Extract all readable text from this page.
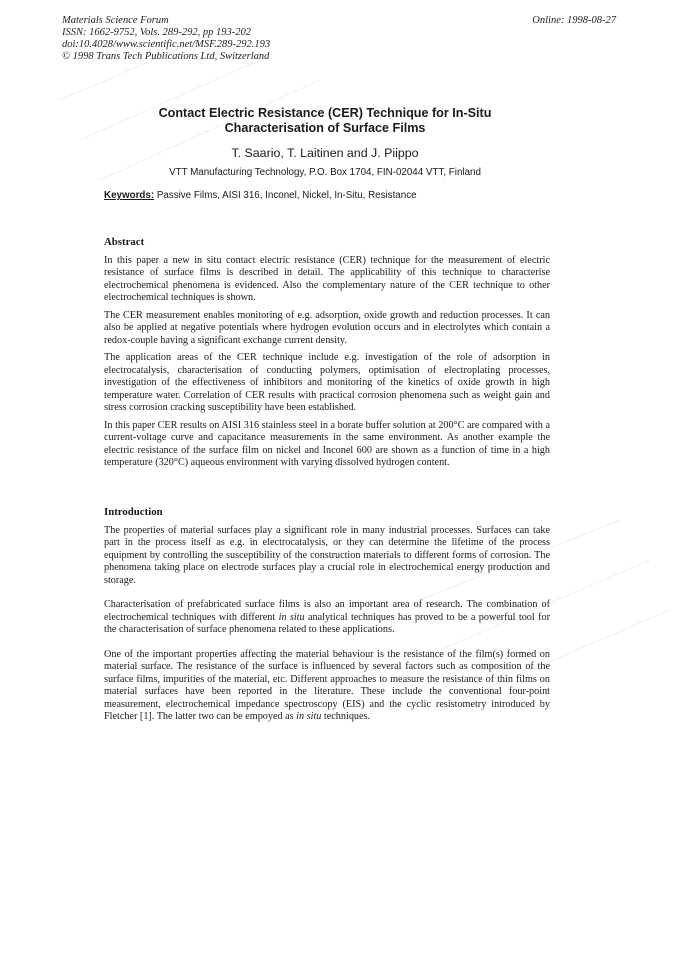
Materials Science Forum
ISSN: 1662-9752, Vols. 289-292, pp 193-202
doi:10.4028/www.scientific.net/MSF.289-292.193
© 1998 Trans Tech Publications Ltd, Switzerland
Online: 1998-08-27
Contact Electric Resistance (CER) Technique for In-Situ
Characterisation of Surface Films
T. Saario, T. Laitinen and J. Piippo
VTT Manufacturing Technology, P.O. Box 1704, FIN-02044 VTT, Finland
Keywords: Passive Films, AISI 316, Inconel, Nickel, In-Situ, Resistance
Abstract

In this paper a new in situ contact electric resistance (CER) technique for the measurement of electric resistance of surface films is described in detail. The applicability of this technique to characterise electrochemical phenomena is evidenced. Also the complementary nature of the CER technique to other electrochemical techniques is shown.

The CER measurement enables monitoring of e.g. adsorption, oxide growth and reduction processes. It can also be applied at negative potentials where hydrogen evolution occurs and in electrolytes which contain a redox-couple having a significant exchange current density.

The application areas of the CER technique include e.g. investigation of the role of adsorption in electrocatalysis, characterisation of conducting polymers, optimisation of electroplating processes, investigation of the effectiveness of inhibitors and monitoring of the kinetics of oxide growth in high temperature water. Correlation of CER results with practical corrosion phenomena such as weight gain and stress corrosion cracking susceptibility have been established.

In this paper CER results on AISI 316 stainless steel in a borate buffer solution at 200°C are compared with a current-voltage curve and capacitance measurements in the same environment. As another example the electric resistance of the surface film on nickel and Inconel 600 are shown as a function of time in a high temperature (320°C) aqueous environment with varying dissolved hydrogen content.

Introduction

The properties of material surfaces play a significant role in many industrial processes. Surfaces can take part in the process itself as e.g. in electrocatalysis, or they can determine the lifetime of the process equipment by controlling the susceptibility of the construction materials to different forms of corrosion. The phenomena taking place on electrode surfaces play a crucial role in electrochemical energy production and storage.

Characterisation of prefabricated surface films is also an important area of research. The combination of electrochemical techniques with different in situ analytical techniques has proved to be a powerful tool for the characterisation of surface phenomena related to these applications.

One of the important properties affecting the material behaviour is the resistance of the film(s) formed on material surface. The resistance of the surface is influenced by several factors such as composition of the surface films, impurities of the material, etc. Different approaches to measure the resistance of thin films on material surfaces have been reported in the literature. These include the conventional four-point measurement, electrochemical impedance spectroscopy (EIS) and the cyclic resistometry introduced by Fletcher [1]. The latter two can be empoyed as in situ techniques.
